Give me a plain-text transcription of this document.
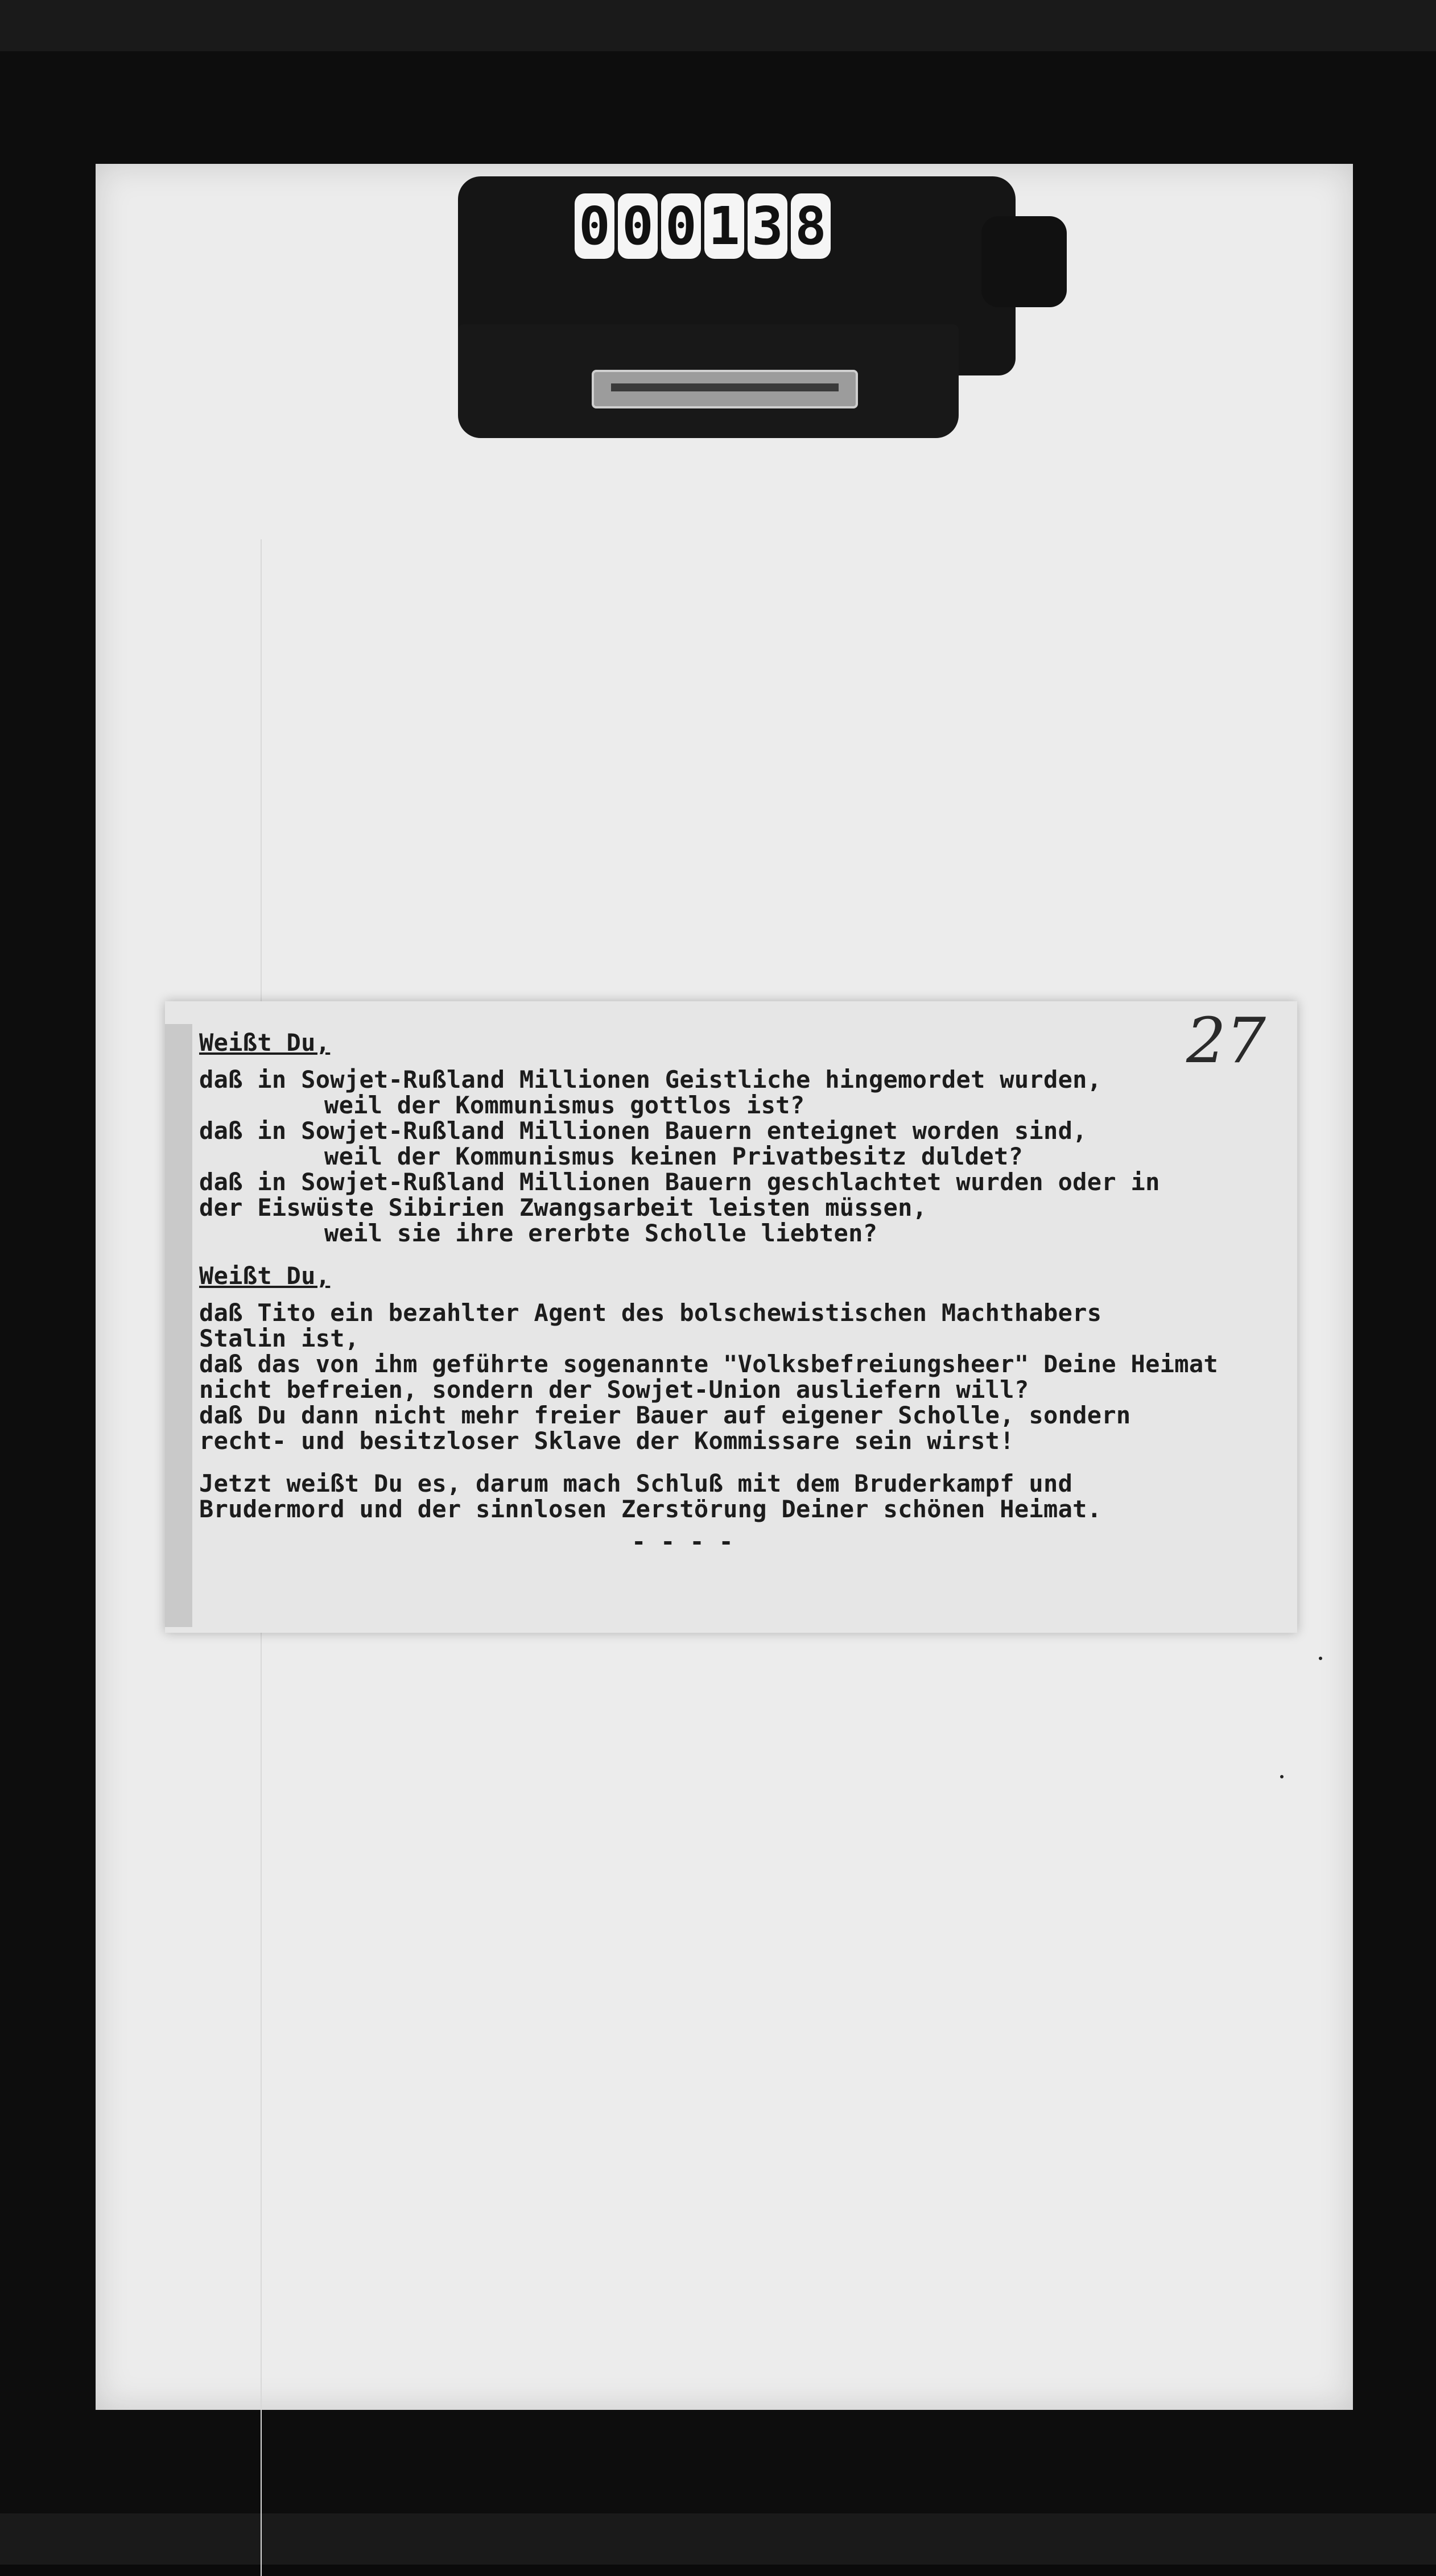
0 0 0 1 3 8
27
Weißt Du,
daß in Sowjet-Rußland Millionen Geistliche hingemordet wurden,
weil der Kommunismus gottlos ist?
daß in Sowjet-Rußland Millionen Bauern enteignet worden sind,
weil der Kommunismus keinen Privatbesitz duldet?
daß in Sowjet-Rußland Millionen Bauern geschlachtet wurden oder in
der Eiswüste Sibirien Zwangsarbeit leisten müssen,
weil sie ihre ererbte Scholle liebten?
Weißt Du,
daß Tito ein bezahlter Agent des bolschewistischen Machthabers
Stalin ist,
daß das von ihm geführte sogenannte "Volksbefreiungsheer" Deine Heimat
nicht befreien, sondern der Sowjet-Union ausliefern will?
daß Du dann nicht mehr freier Bauer auf eigener Scholle, sondern
recht- und besitzloser Sklave der Kommissare sein wirst!
Jetzt weißt Du es, darum mach Schluß mit dem Bruderkampf und
Brudermord und der sinnlosen Zerstörung Deiner schönen Heimat.
- - - -
